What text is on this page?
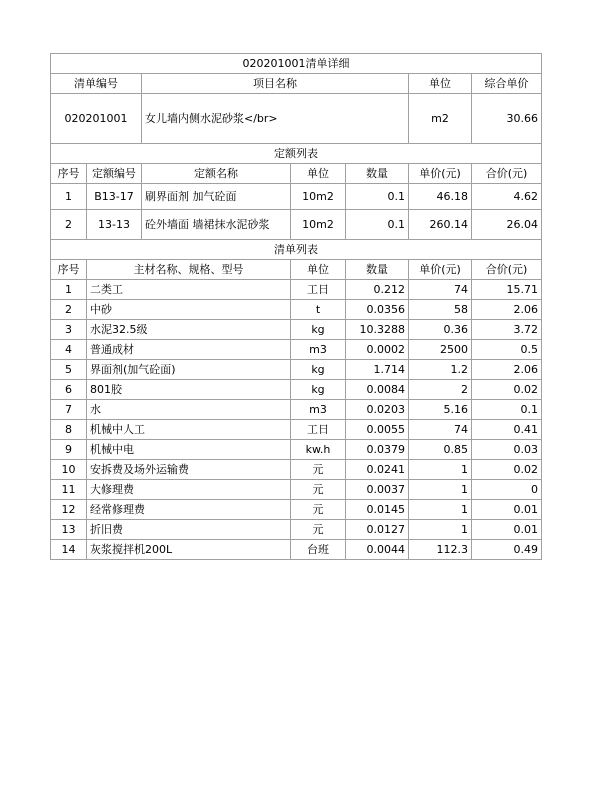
020201001清单详细						
清单编号		项目名称			单位	综合单价
020201001		女儿墙内侧水泥砂浆</br>			m2	30.66
定额列表						
序号	定额编号	定额名称	单位	数量	单价(元)	合价(元)
1	B13-17	刷界面剂 加气砼面	10m2	0.1	46.18	4.62
2	13-13	砼外墙面 墙裙抹水泥砂浆	10m2	0.1	260.14	26.04
清单列表						
序号	主材名称、规格、型号		单位	数量	单价(元)	合价(元)
1	二类工		工日	0.212	74	15.71
2	中砂		t	0.0356	58	2.06
3	水泥32.5级		kg	10.3288	0.36	3.72
4	普通成材		m3	0.0002	2500	0.5
5	界面剂(加气砼面)		kg	1.714	1.2	2.06
6	801胶		kg	0.0084	2	0.02
7	水		m3	0.0203	5.16	0.1
8	机械中人工		工日	0.0055	74	0.41
9	机械中电		kw.h	0.0379	0.85	0.03
10	安拆费及场外运输费		元	0.0241	1	0.02
11	大修理费		元	0.0037	1	0
12	经常修理费		元	0.0145	1	0.01
13	折旧费		元	0.0127	1	0.01
14	灰浆搅拌机200L		台班	0.0044	112.3	0.49
